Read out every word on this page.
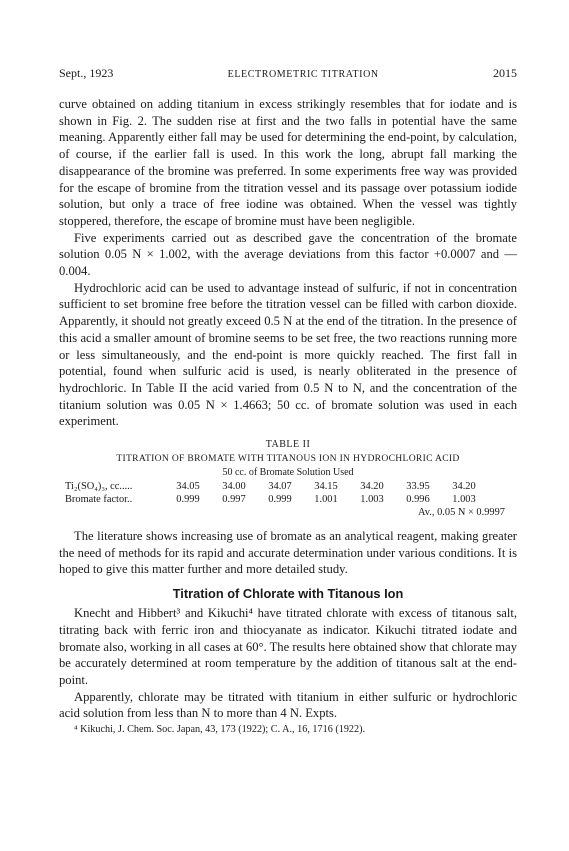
Sept., 1923	ELECTROMETRIC TITRATION	2015

curve obtained on adding titanium in excess strikingly resembles that for iodate and is shown in Fig. 2. The sudden rise at first and the two falls in potential have the same meaning. Apparently either fall may be used for determining the end-point, by calculation, of course, if the earlier fall is used. In this work the long, abrupt fall marking the disappearance of the bromine was preferred. In some experiments free way was provided for the escape of bromine from the titration vessel and its passage over potassium iodide solution, but only a trace of free iodine was obtained. When the vessel was tightly stoppered, therefore, the escape of bromine must have been negligible.

Five experiments carried out as described gave the concentration of the bromate solution 0.05 N × 1.002, with the average deviations from this factor +0.0007 and —0.004.

Hydrochloric acid can be used to advantage instead of sulfuric, if not in concentration sufficient to set bromine free before the titration vessel can be filled with carbon dioxide. Apparently, it should not greatly exceed 0.5 N at the end of the titration. In the presence of this acid a smaller amount of bromine seems to be set free, the two reactions running more or less simultaneously, and the end-point is more quickly reached. The first fall in potential, found when sulfuric acid is used, is nearly obliterated in the presence of hydrochloric. In Table II the acid varied from 0.5 N to N, and the concentration of the titanium solution was 0.05 N × 1.4663; 50 cc. of bromate solution was used in each experiment.

TABLE II
TITRATION OF BROMATE WITH TITANOUS ION IN HYDROCHLORIC ACID
50 cc. of Bromate Solution Used
Ti₂(SO₄)₃, cc.....	34.05	34.00	34.07	34.15	34.20	33.95	34.20
Bromate factor..	0.999	0.997	0.999	1.001	1.003	0.996	1.003
Av., 0.05 N × 0.9997

The literature shows increasing use of bromate as an analytical reagent, making greater the need of methods for its rapid and accurate determination under various conditions. It is hoped to give this matter further and more detailed study.

Titration of Chlorate with Titanous Ion

Knecht and Hibbert³ and Kikuchi⁴ have titrated chlorate with excess of titanous salt, titrating back with ferric iron and thiocyanate as indicator. Kikuchi titrated iodate and bromate also, working in all cases at 60°. The results here obtained show that chlorate may be accurately determined at room temperature by the addition of titanous salt at the end-point.

Apparently, chlorate may be titrated with titanium in either sulfuric or hydrochloric acid solution from less than N to more than 4 N. Expts.

⁴ Kikuchi, J. Chem. Soc. Japan, 43, 173 (1922); C. A., 16, 1716 (1922).
